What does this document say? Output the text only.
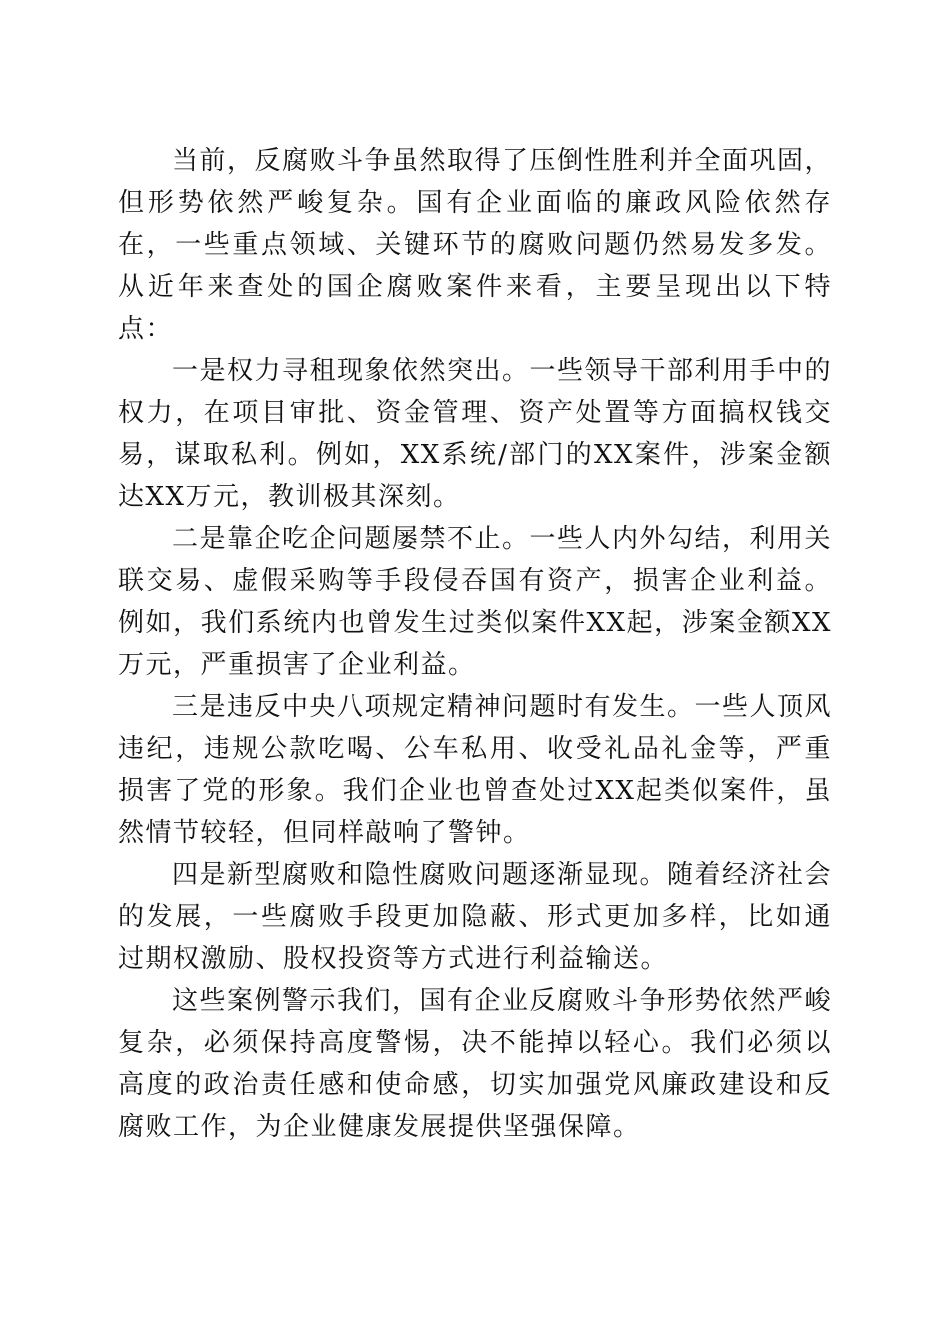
当前，反腐败斗争虽然取得了压倒性胜利并全面巩固，但形势依然严峻复杂。国有企业面临的廉政风险依然存在，一些重点领域、关键环节的腐败问题仍然易发多发。从近年来查处的国企腐败案件来看，主要呈现出以下特点：

一是权力寻租现象依然突出。一些领导干部利用手中的权力，在项目审批、资金管理、资产处置等方面搞权钱交易，谋取私利。例如，XX系统/部门的XX案件，涉案金额达XX万元，教训极其深刻。

二是靠企吃企问题屡禁不止。一些人内外勾结，利用关联交易、虚假采购等手段侵吞国有资产，损害企业利益。例如，我们系统内也曾发生过类似案件XX起，涉案金额XX万元，严重损害了企业利益。

三是违反中央八项规定精神问题时有发生。一些人顶风违纪，违规公款吃喝、公车私用、收受礼品礼金等，严重损害了党的形象。我们企业也曾查处过XX起类似案件，虽然情节较轻，但同样敲响了警钟。

四是新型腐败和隐性腐败问题逐渐显现。随着经济社会的发展，一些腐败手段更加隐蔽、形式更加多样，比如通过期权激励、股权投资等方式进行利益输送。

这些案例警示我们，国有企业反腐败斗争形势依然严峻复杂，必须保持高度警惕，决不能掉以轻心。我们必须以高度的政治责任感和使命感，切实加强党风廉政建设和反腐败工作，为企业健康发展提供坚强保障。
